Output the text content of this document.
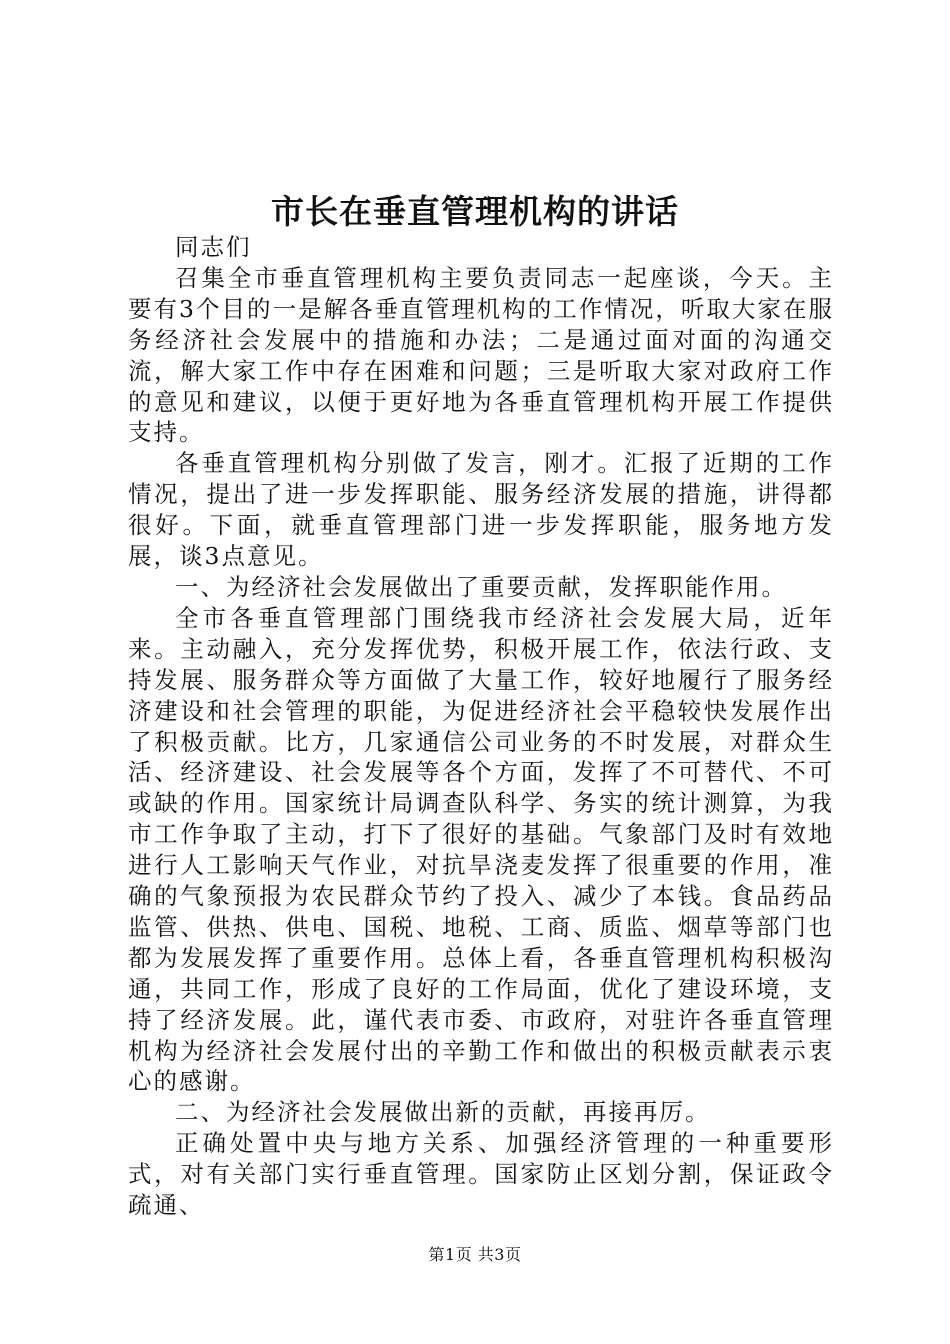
市长在垂直管理机构的讲话

同志们

召集全市垂直管理机构主要负责同志一起座谈，今天。主要有3个目的一是解各垂直管理机构的工作情况，听取大家在服务经济社会发展中的措施和办法；二是通过面对面的沟通交流，解大家工作中存在困难和问题；三是听取大家对政府工作的意见和建议，以便于更好地为各垂直管理机构开展工作提供支持。

各垂直管理机构分别做了发言，刚才。汇报了近期的工作情况，提出了进一步发挥职能、服务经济发展的措施，讲得都很好。下面，就垂直管理部门进一步发挥职能，服务地方发展，谈3点意见。

一、为经济社会发展做出了重要贡献，发挥职能作用。

全市各垂直管理部门围绕我市经济社会发展大局，近年来。主动融入，充分发挥优势，积极开展工作，依法行政、支持发展、服务群众等方面做了大量工作，较好地履行了服务经济建设和社会管理的职能，为促进经济社会平稳较快发展作出了积极贡献。比方，几家通信公司业务的不时发展，对群众生活、经济建设、社会发展等各个方面，发挥了不可替代、不可或缺的作用。国家统计局调查队科学、务实的统计测算，为我市工作争取了主动，打下了很好的基础。气象部门及时有效地进行人工影响天气作业，对抗旱浇麦发挥了很重要的作用，准确的气象预报为农民群众节约了投入、减少了本钱。食品药品监管、供热、供电、国税、地税、工商、质监、烟草等部门也都为发展发挥了重要作用。总体上看，各垂直管理机构积极沟通，共同工作，形成了良好的工作局面，优化了建设环境，支持了经济发展。此，谨代表市委、市政府，对驻许各垂直管理机构为经济社会发展付出的辛勤工作和做出的积极贡献表示衷心的感谢。

二、为经济社会发展做出新的贡献，再接再厉。

正确处置中央与地方关系、加强经济管理的一种重要形式，对有关部门实行垂直管理。国家防止区划分割，保证政令疏通、

第1页 共3页
